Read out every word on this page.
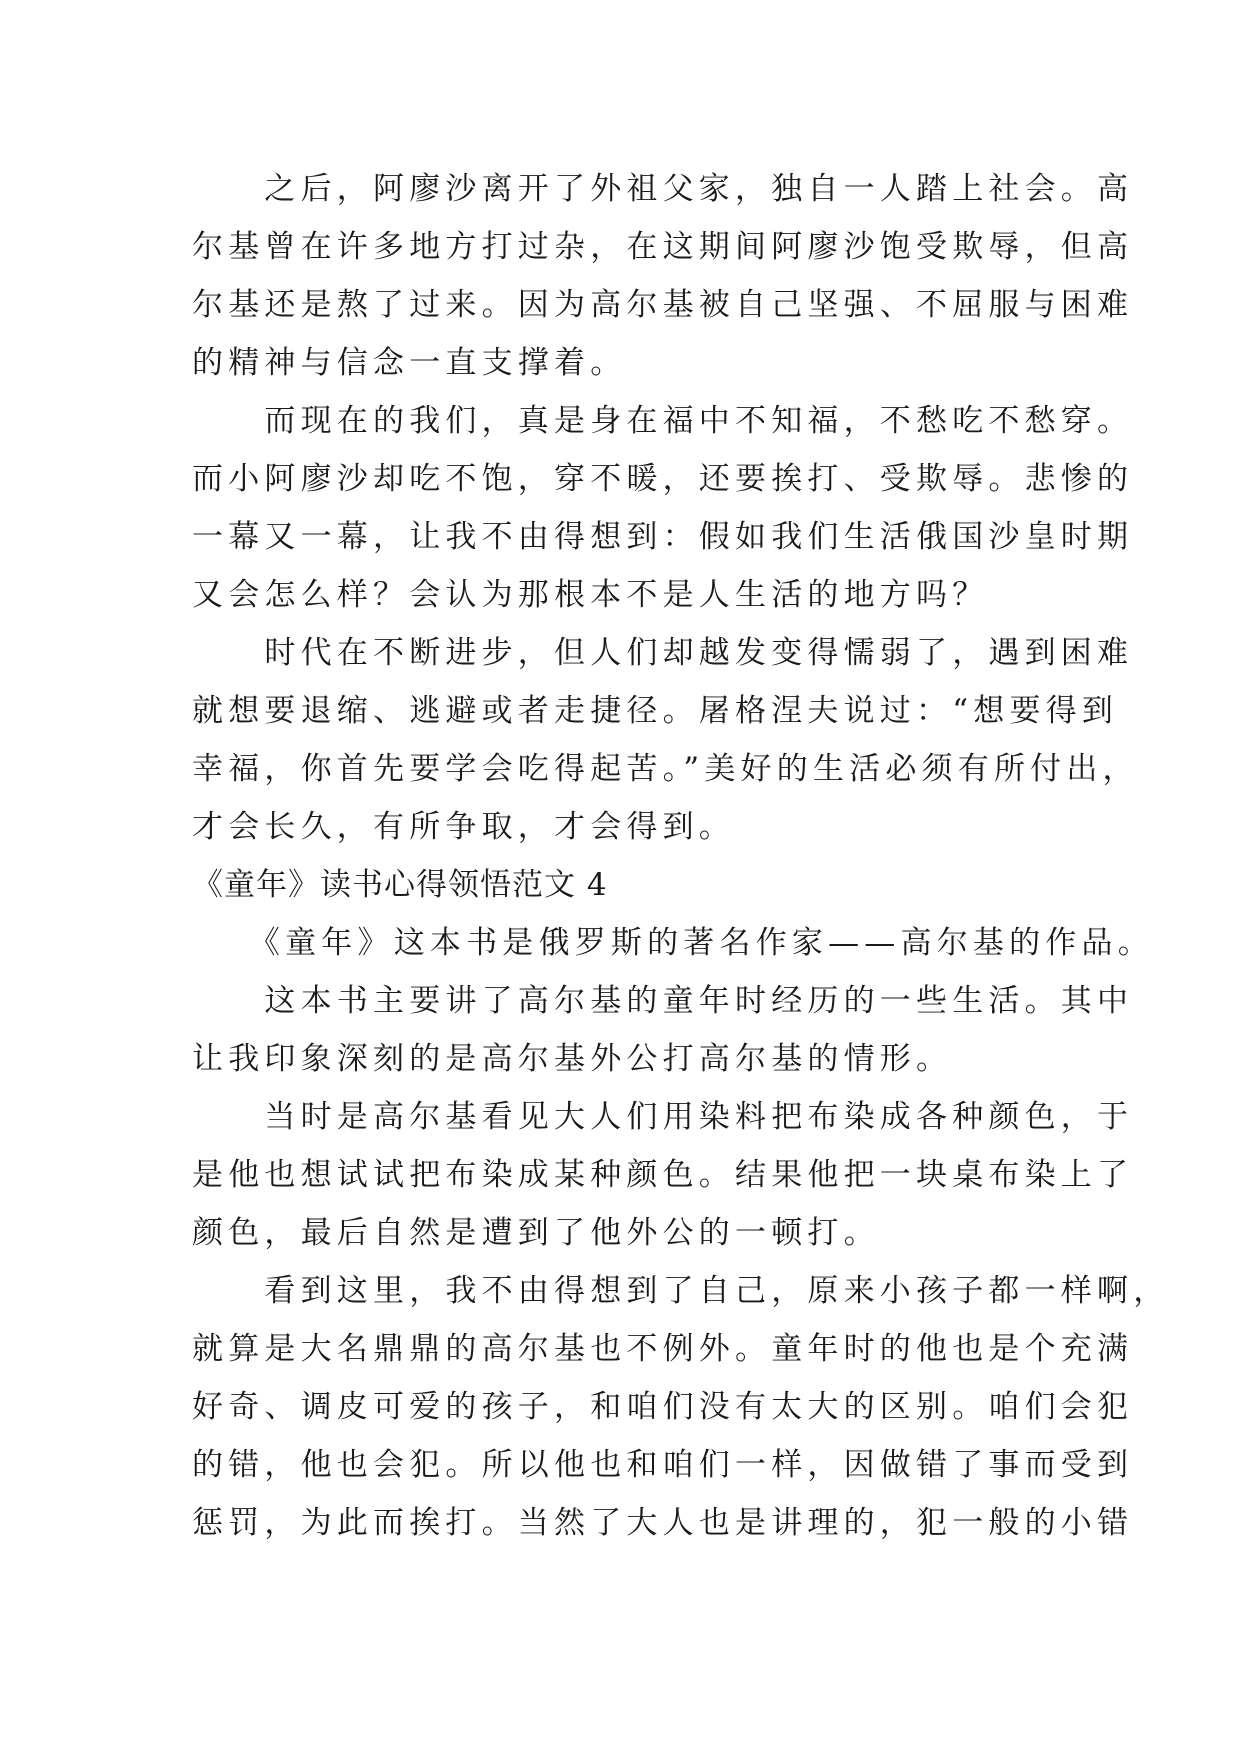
　　之后，阿廖沙离开了外祖父家，独自一人踏上社会。高
尔基曾在许多地方打过杂，在这期间阿廖沙饱受欺辱，但高
尔基还是熬了过来。因为高尔基被自己坚强、不屈服与困难
的精神与信念一直支撑着。
　　而现在的我们，真是身在福中不知福，不愁吃不愁穿。
而小阿廖沙却吃不饱，穿不暖，还要挨打、受欺辱。悲惨的
一幕又一幕，让我不由得想到：假如我们生活俄国沙皇时期
又会怎么样？会认为那根本不是人生活的地方吗？
　　时代在不断进步，但人们却越发变得懦弱了，遇到困难
就想要退缩、逃避或者走捷径。屠格涅夫说过：“想要得到
幸福，你首先要学会吃得起苦。”美好的生活必须有所付出，
才会长久，有所争取，才会得到。
《童年》读书心得领悟范文 4
　　《童年》这本书是俄罗斯的著名作家——高尔基的作品。
　　这本书主要讲了高尔基的童年时经历的一些生活。其中
让我印象深刻的是高尔基外公打高尔基的情形。
　　当时是高尔基看见大人们用染料把布染成各种颜色，于
是他也想试试把布染成某种颜色。结果他把一块桌布染上了
颜色，最后自然是遭到了他外公的一顿打。
　　看到这里，我不由得想到了自己，原来小孩子都一样啊，
就算是大名鼎鼎的高尔基也不例外。童年时的他也是个充满
好奇、调皮可爱的孩子，和咱们没有太大的区别。咱们会犯
的错，他也会犯。所以他也和咱们一样，因做错了事而受到
惩罚，为此而挨打。当然了大人也是讲理的，犯一般的小错
